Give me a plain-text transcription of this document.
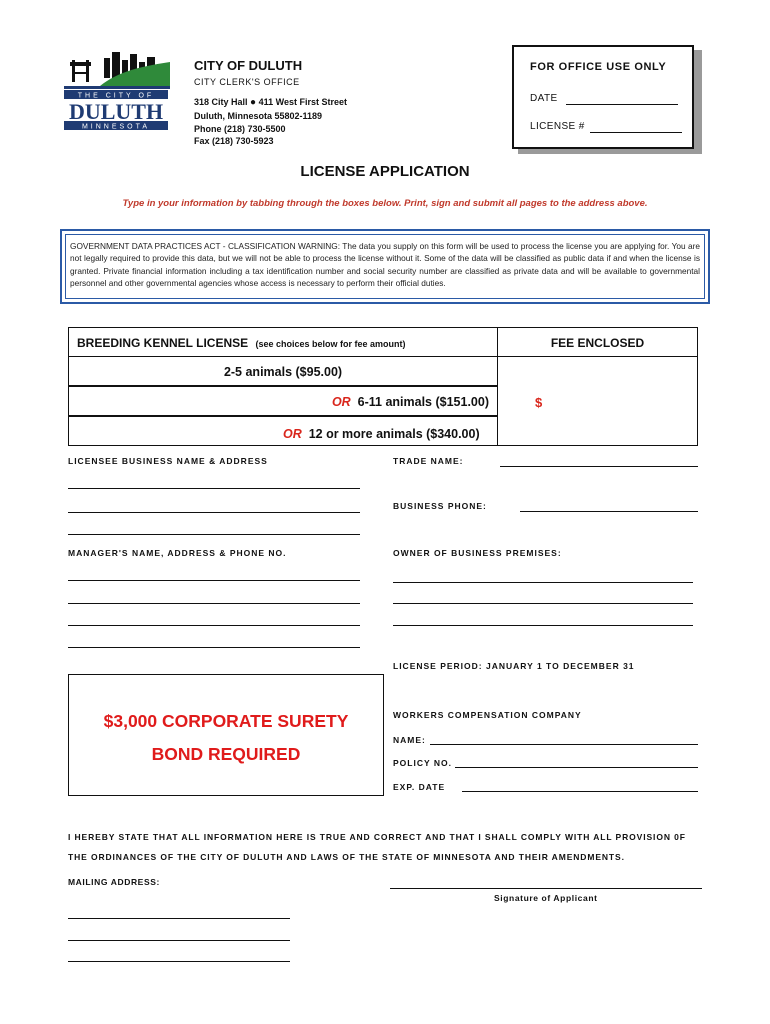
THE CITY OF
DULUTH
MINNESOTA
CITY OF DULUTH
CITY CLERK'S OFFICE
318 City Hall ● 411 West First Street
Duluth, Minnesota 55802-1189
Phone (218) 730-5500
Fax (218) 730-5923
FOR OFFICE USE ONLY
DATE
LICENSE #
LICENSE APPLICATION
Type in your information by tabbing through the boxes below. Print, sign and submit all pages to the address above.
GOVERNMENT DATA PRACTICES ACT - CLASSIFICATION WARNING: The data you supply on this form will be used to process the license you are applying for. You are not legally required to provide this data, but we will not be able to process the license without it. Some of the data will be classified as public data if and when the license is granted. Private financial information including a tax identification number and social security number are classified as private data and will be available to governmental personnel and other governmental agencies whose access is necessary to perform their official duties.
BREEDING KENNEL LICENSE (see choices below for fee amount)	FEE ENCLOSED
2-5 animals ($95.00)
OR 6-11 animals ($151.00)
OR 12 or more animals ($340.00)
$
LICENSEE BUSINESS NAME & ADDRESS
MANAGER'S NAME, ADDRESS & PHONE NO.
TRADE NAME:
BUSINESS PHONE:
OWNER OF BUSINESS PREMISES:
LICENSE PERIOD: JANUARY 1 TO DECEMBER 31
WORKERS COMPENSATION COMPANY
NAME:
POLICY NO.
EXP. DATE
$3,000 CORPORATE SURETY
BOND REQUIRED
I HEREBY STATE THAT ALL INFORMATION HERE IS TRUE AND CORRECT AND THAT I SHALL COMPLY WITH ALL PROVISION 0F THE ORDINANCES OF THE CITY OF DULUTH AND LAWS OF THE STATE OF MINNESOTA AND THEIR AMENDMENTS.
MAILING ADDRESS:
Signature of Applicant
